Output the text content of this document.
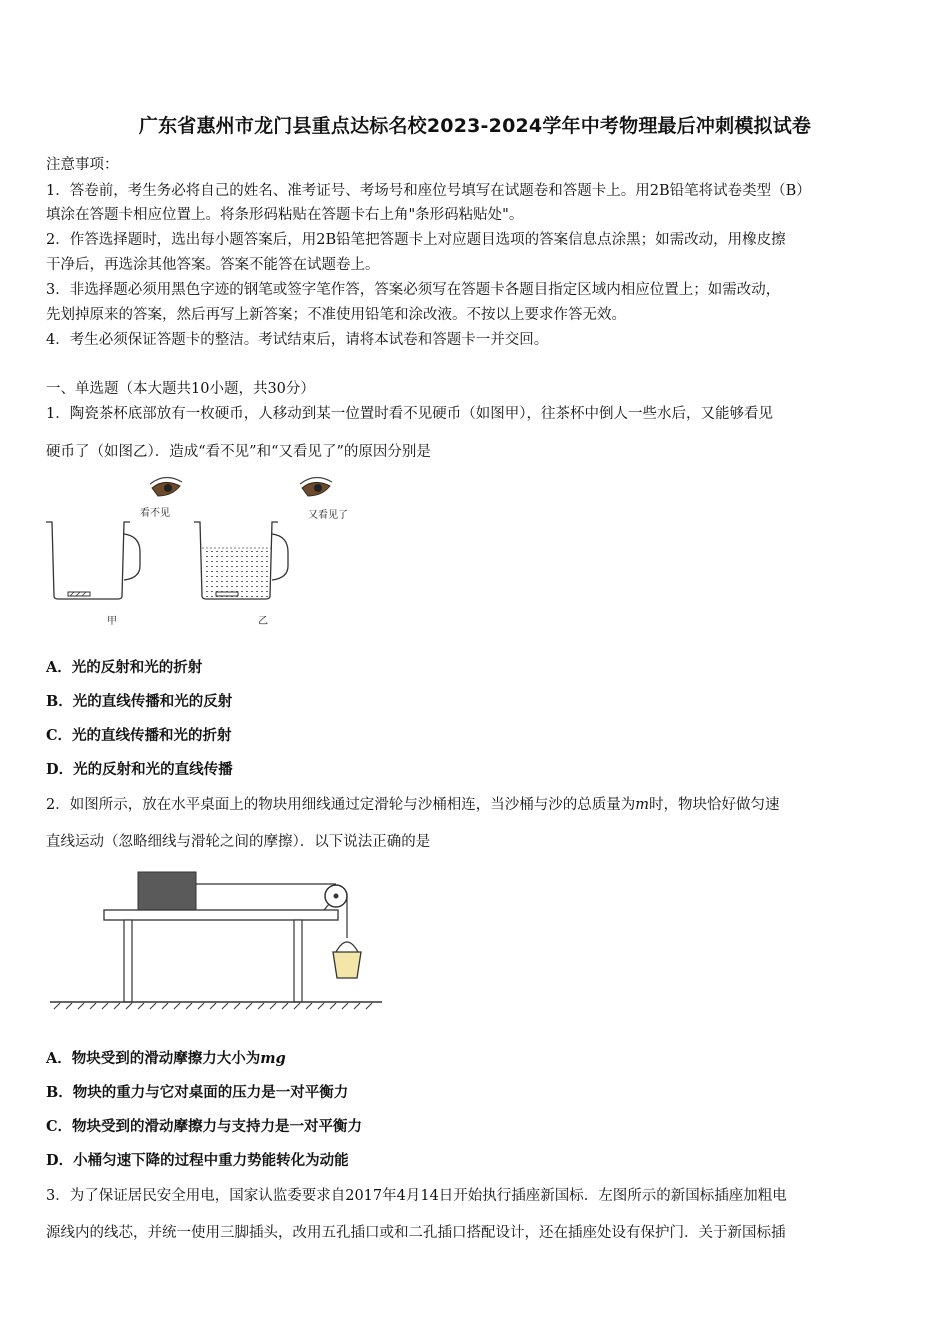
广东省惠州市龙门县重点达标名校2023-2024学年中考物理最后冲刺模拟试卷
注意事项：
1．答卷前，考生务必将自己的姓名、准考证号、考场号和座位号填写在试题卷和答题卡上。用2B铅笔将试卷类型（B）
填涂在答题卡相应位置上。将条形码粘贴在答题卡右上角"条形码粘贴处"。
2．作答选择题时，选出每小题答案后，用2B铅笔把答题卡上对应题目选项的答案信息点涂黑；如需改动，用橡皮擦
干净后，再选涂其他答案。答案不能答在试题卷上。
3．非选择题必须用黑色字迹的钢笔或签字笔作答，答案必须写在答题卡各题目指定区域内相应位置上；如需改动，
先划掉原来的答案，然后再写上新答案；不准使用铅笔和涂改液。不按以上要求作答无效。
4．考生必须保证答题卡的整洁。考试结束后，请将本试卷和答题卡一并交回。
一、单选题（本大题共10小题，共30分）
1．陶瓷茶杯底部放有一枚硬币，人移动到某一位置时看不见硬币（如图甲），往茶杯中倒人一些水后，又能够看见
硬币了（如图乙）．造成“看不见”和“又看见了”的原因分别是
看不见
甲
又看见了
乙
A．光的反射和光的折射
B．光的直线传播和光的反射
C．光的直线传播和光的折射
D．光的反射和光的直线传播
2．如图所示，放在水平桌面上的物块用细线通过定滑轮与沙桶相连，当沙桶与沙的总质量为m时，物块恰好做匀速
直线运动（忽略细线与滑轮之间的摩擦）．以下说法正确的是
A．物块受到的滑动摩擦力大小为mg
B．物块的重力与它对桌面的压力是一对平衡力
C．物块受到的滑动摩擦力与支持力是一对平衡力
D．小桶匀速下降的过程中重力势能转化为动能
3．为了保证居民安全用电，国家认监委要求自2017年4月14日开始执行插座新国标．左图所示的新国标插座加粗电
源线内的线芯，并统一使用三脚插头，改用五孔插口或和二孔插口搭配设计，还在插座处设有保护门．关于新国标插
